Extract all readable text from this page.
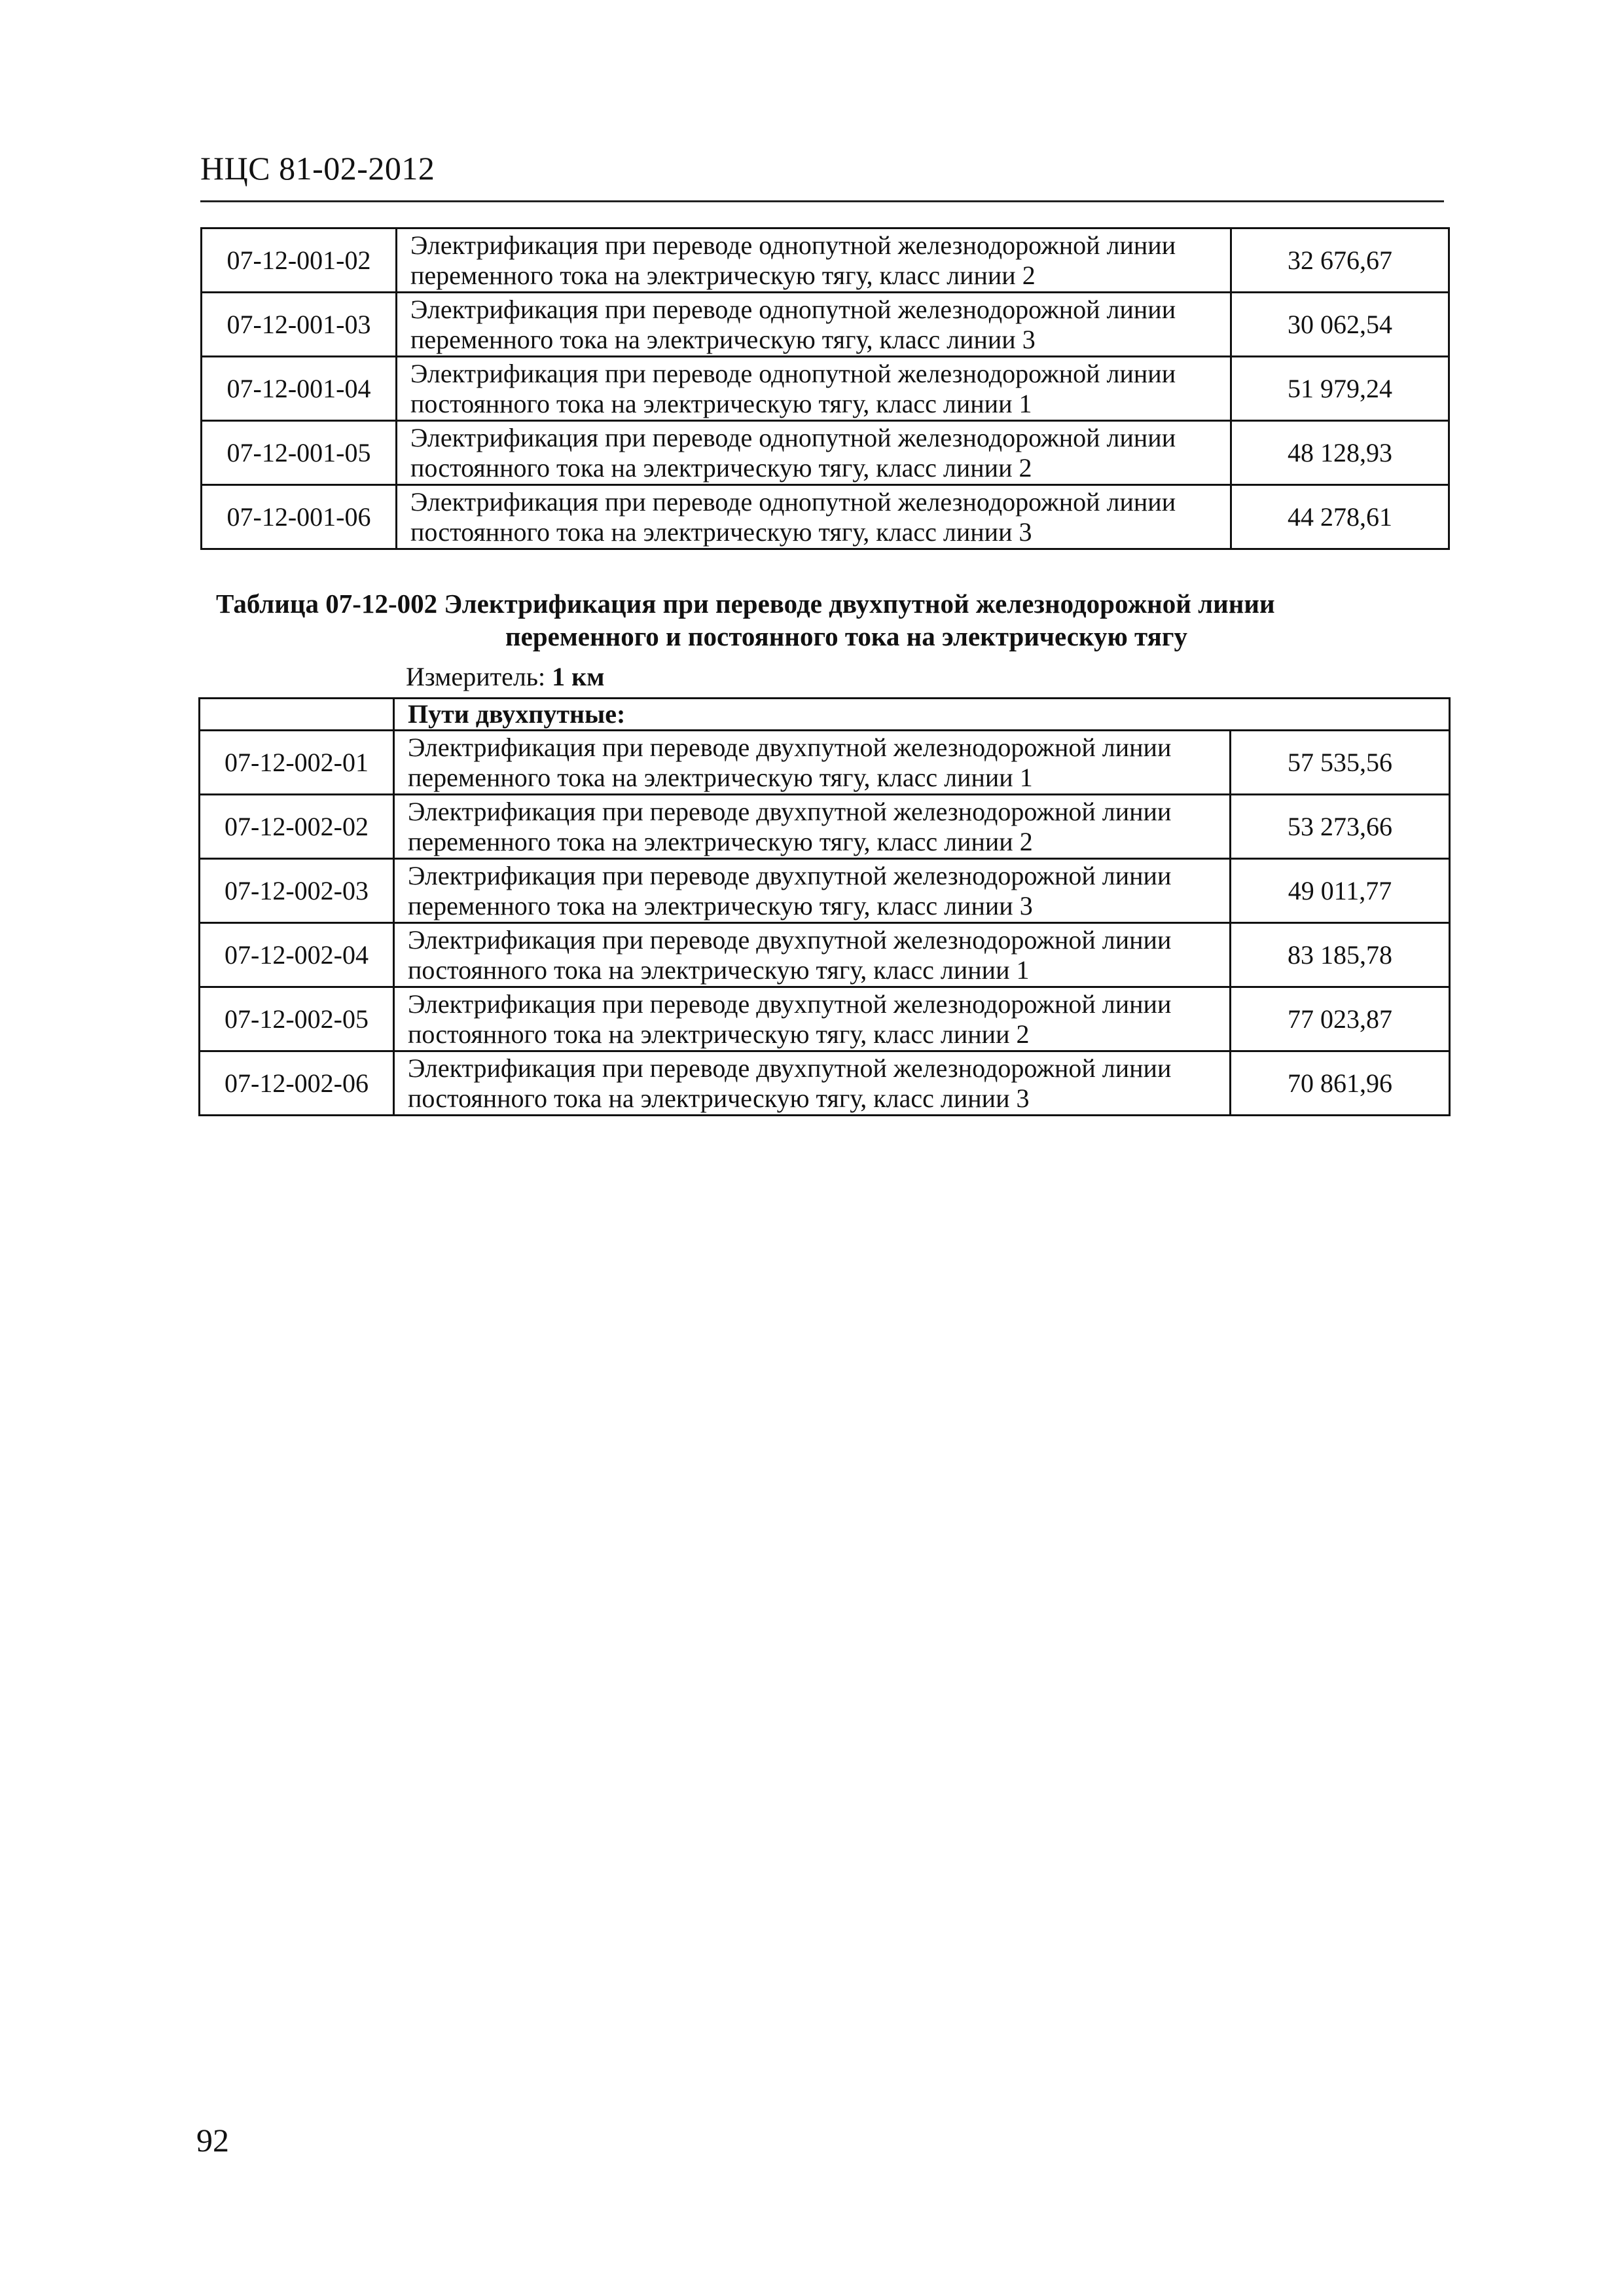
НЦС 81-02-2012
07-12-001-02	Электрификация при переводе однопутной железнодорожной линии
переменного тока на электрическую тягу, класс линии 2	32 676,67
07-12-001-03	Электрификация при переводе однопутной железнодорожной линии
переменного тока на электрическую тягу, класс линии 3	30 062,54
07-12-001-04	Электрификация при переводе однопутной железнодорожной линии
постоянного тока на электрическую тягу, класс линии 1	51 979,24
07-12-001-05	Электрификация при переводе однопутной железнодорожной линии
постоянного тока на электрическую тягу, класс линии 2	48 128,93
07-12-001-06	Электрификация при переводе однопутной железнодорожной линии
постоянного тока на электрическую тягу, класс линии 3	44 278,61
Таблица 07-12-002 Электрификация при переводе двухпутной железнодорожной линии
переменного и постоянного тока на электрическую тягу
Измеритель: 1 км
	Пути двухпутные:	
07-12-002-01	Электрификация при переводе двухпутной железнодорожной линии
переменного тока на электрическую тягу, класс линии 1	57 535,56
07-12-002-02	Электрификация при переводе двухпутной железнодорожной линии
переменного тока на электрическую тягу, класс линии 2	53 273,66
07-12-002-03	Электрификация при переводе двухпутной железнодорожной линии
переменного тока на электрическую тягу, класс линии 3	49 011,77
07-12-002-04	Электрификация при переводе двухпутной железнодорожной линии
постоянного тока на электрическую тягу, класс линии 1	83 185,78
07-12-002-05	Электрификация при переводе двухпутной железнодорожной линии
постоянного тока на электрическую тягу, класс линии 2	77 023,87
07-12-002-06	Электрификация при переводе двухпутной железнодорожной линии
постоянного тока на электрическую тягу, класс линии 3	70 861,96
92
